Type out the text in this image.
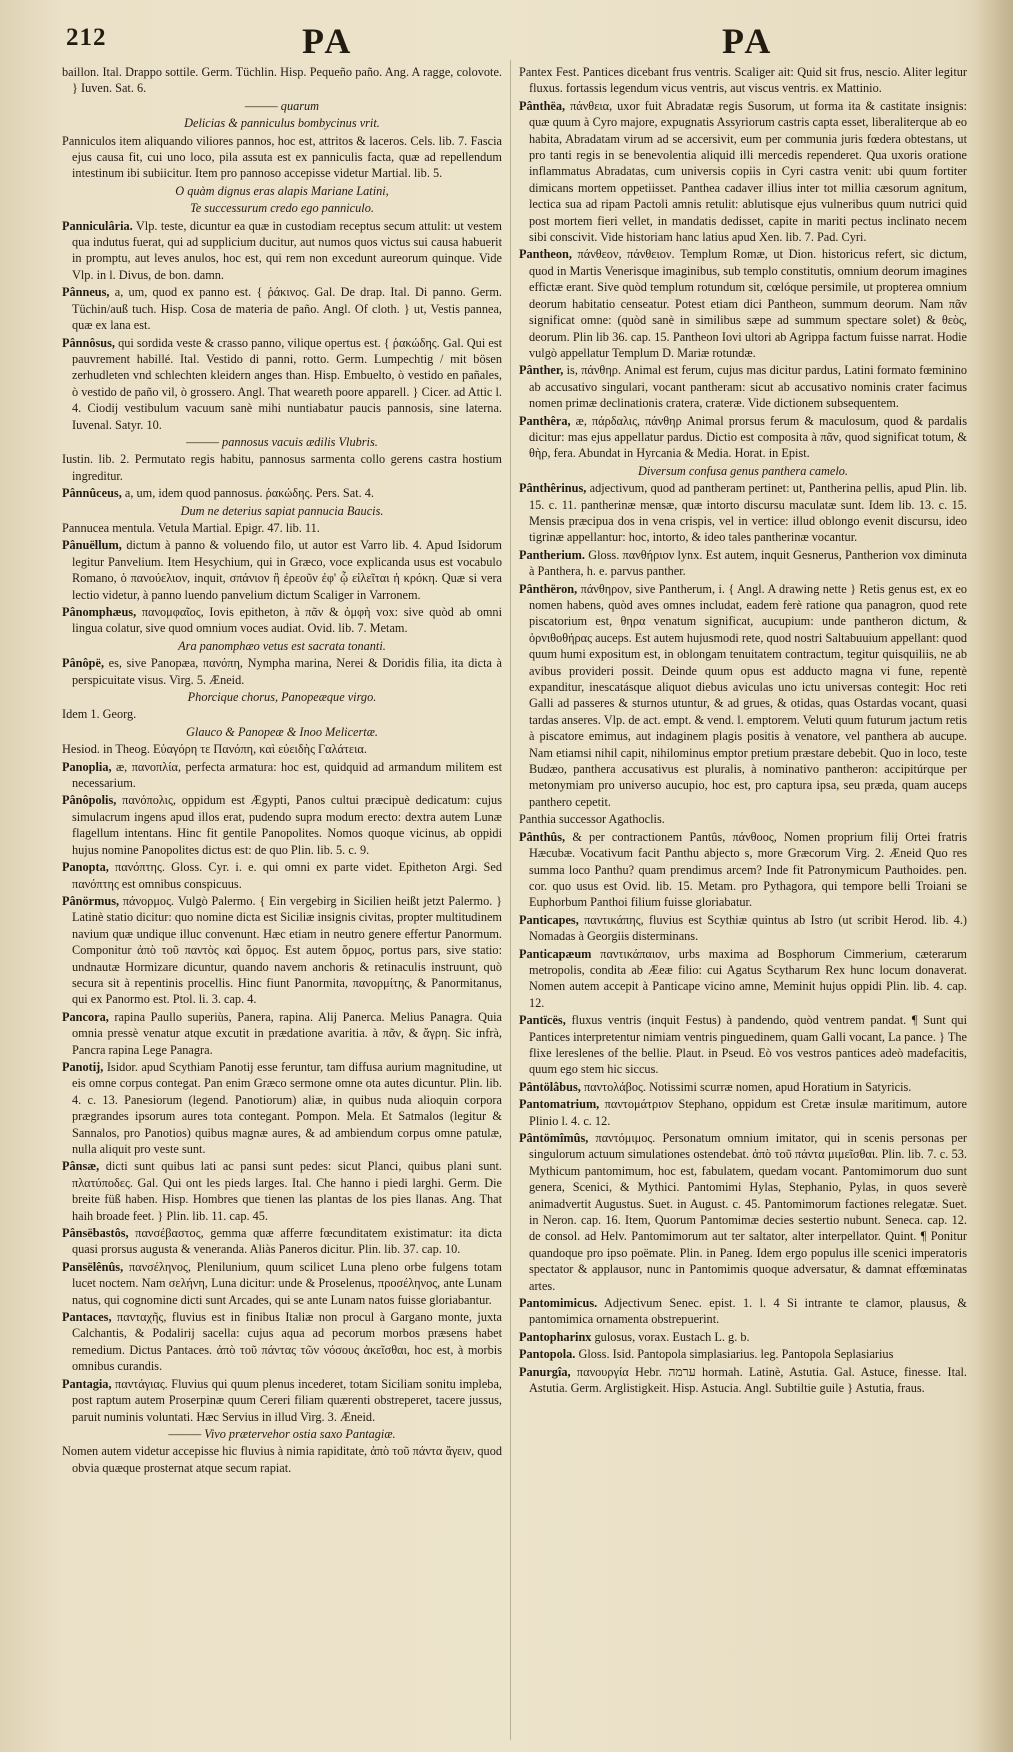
212	PA	PA

baillon. Ital. Drappo sottile. Germ. Tüchlin. Hisp. Pequeño paño. Ang. A ragge, colovote. } Iuven. Sat. 6.

——— quarum
Delicias & panniculus bombycinus vrit.

Panniculos item aliquando viliores pannos, hoc est, attritos & laceros. Cels. lib. 7. Fascia ejus causa fit, cui uno loco, pila assuta est ex panniculis facta, quæ ad repellendum intestinum ibi subiicitur. Item pro pannoso accepisse videtur Martial. lib. 5.

O quàm dignus eras alapis Mariane Latini,
Te successurum credo ego panniculo.

Panniculâria. Vlp. teste, dicuntur ea quæ in custodiam receptus secum attulit: ut vestem qua indutus fuerat, qui ad supplicium ducitur, aut numos quos victus sui causa habuerit in promptu, aut leves anulos, hoc est, qui rem non excedunt aureorum quinque. Vide Vlp. in l. Divus, de bon. damn.

Pânneus, a, um, quod ex panno est. { ῥάκινος. Gal. De drap. Ital. Di panno. Germ. Tüchin/auß tuch. Hisp. Cosa de materia de paño. Angl. Of cloth. } ut, Vestis pannea, quæ ex lana est.

Pânnôsus, qui sordida veste & crasso panno, vilique opertus est. { ῥακώδης. Gal. Qui est pauvrement habillé. Ital. Vestido di panni, rotto. Germ. Lumpechtig / mit bösen zerhudleten vnd schlechten kleidern anges than. Hisp. Embuelto, ò vestido en pañales, ò vestido de paño vil, ò grossero. Angl. That weareth poore apparell. } Cicer. ad Attic l. 4. Ciodij vestibulum vacuum sanè mihi nuntiabatur paucis pannosis, sine laterna. Iuvenal. Satyr. 10.

——— pannosus vacuis ædilis Vlubris.

Iustin. lib. 2. Permutato regis habitu, pannosus sarmenta collo gerens castra hostium ingreditur.

Pânnûceus, a, um, idem quod pannosus. ῥακώδης. Pers. Sat. 4.

Dum ne deterius sapiat pannucia Baucis.

Pannucea mentula. Vetula Martial. Epigr. 47. lib. 11.

Pânuëllum, dictum à panno & voluendo filo, ut autor est Varro lib. 4. Apud Isidorum legitur Panvelium. Item Hesychium, qui in Græco, voce explicanda usus est vocabulo Romano, ὁ πανούελιον, inquit, σπάνιον ἢ ἐρεοῦν ἐφ' ᾧ εἰλεῖται ἡ κρόκη. Quæ si vera lectio videtur, à panno luendo panvelium dictum Scaliger in Varronem.

Pânomphæus, πανομφαῖος, Iovis epitheton, à πᾶν & ὀμφὴ vox: sive quòd ab omni lingua colatur, sive quod omnium voces audiat. Ovid. lib. 7. Metam.

Ara panomphæo vetus est sacrata tonanti.

Pânôpë, es, sive Panopæa, πανόπη, Nympha marina, Nerei & Doridis filia, ita dicta à perspicuitate visus. Virg. 5. Æneid.

Phorcique chorus, Panopeæque virgo.

Idem 1. Georg.

Glauco & Panopeæ & Inoo Melicertæ.

Hesiod. in Theog. Εὐαγόρη τε Πανόπη, καὶ εὐειδὴς Γαλάτεια.

Panoplia, æ, πανοπλία, perfecta armatura: hoc est, quidquid ad armandum militem est necessarium.

Pânôpolis, πανόπολις, oppidum est Ægypti, Panos cultui præcipuè dedicatum: cujus simulacrum ingens apud illos erat, pudendo supra modum erecto: dextra autem Lunæ flagellum intentans. Hinc fit gentile Panopolites. Nomos quoque vicinus, ab oppidi hujus nomine Panopolites dictus est: de quo Plin. lib. 5. c. 9.

Panopta, πανόπτης. Gloss. Cyr. i. e. qui omni ex parte videt. Epitheton Argi. Sed πανόπτης est omnibus conspicuus.

Pânörmus, πάνορμος. Vulgò Palermo. { Ein vergebirg in Sicilien heißt jetzt Palermo. } Latinè statio dicitur: quo nomine dicta est Siciliæ insignis civitas, propter multitudinem navium quæ undique illuc convenunt. Hæc etiam in neutro genere effertur Panormum. Componitur ἀπὸ τοῦ παντὸς καὶ ὅρμος. Est autem ὅρμος, portus pars, sive statio: undnautæ Hormizare dicuntur, quando navem anchoris & retinaculis instruunt, quò secura sit à repentinis procellis. Hinc fiunt Panormita, πανορμίτης, & Panormitanus, qui ex Panormo est. Ptol. li. 3. cap. 4.

Pancora, rapina Paullo superiùs, Panera, rapina. Alij Panerca. Melius Panagra. Quia omnia pressè venatur atque excutit in prædatione avaritia. à πᾶν, & ἄγρη. Sic infrà, Pancra rapina Lege Panagra.

Panotij, Isidor. apud Scythiam Panotij esse feruntur, tam diffusa aurium magnitudine, ut eis omne corpus contegat. Pan enim Græco sermone omne ota autes dicuntur. Plin. lib. 4. c. 13. Panesiorum (legend. Panotiorum) aliæ, in quibus nuda alioquin corpora prægrandes ipsorum aures tota contegant. Pompon. Mela. Et Satmalos (legitur & Sannalos, pro Panotios) quibus magnæ aures, & ad ambiendum corpus omne patulæ, nulla aliquit pro veste sunt.

Pânsæ, dicti sunt quibus lati ac pansi sunt pedes: sicut Planci, quibus plani sunt. πλατύποδες. Gal. Qui ont les pieds larges. Ital. Che hanno i piedi larghi. Germ. Die breite füß haben. Hisp. Hombres que tienen las plantas de los pies llanas. Ang. That haih broade feet. } Plin. lib. 11. cap. 45.

Pânsëbastôs, πανσέβαστος, gemma quæ afferre fœcunditatem existimatur: ita dicta quasi prorsus augusta & veneranda. Aliàs Paneros dicitur. Plin. lib. 37. cap. 10.

Pansëlênûs, πανσέληνος, Plenilunium, quum scilicet Luna pleno orbe fulgens totam lucet noctem. Nam σελήνη, Luna dicitur: unde & Proselenus, προσέληνος, ante Lunam natus, qui cognomine dicti sunt Arcades, qui se ante Lunam natos fuisse gloriabantur.

Pantaces, πανταχῆς, fluvius est in finibus Italiæ non procul à Gargano monte, juxta Calchantis, & Podalirij sacella: cujus aqua ad pecorum morbos præsens habet remedium. Dictus Pantaces. ἀπὸ τοῦ πάντας τῶν νόσους ἀκεῖσθαι, hoc est, à morbis omnibus curandis.

Pantagia, παντάγιας. Fluvius qui quum plenus incederet, totam Siciliam sonitu impleba, post raptum autem Proserpinæ quum Cereri filiam quærenti obstreperet, tacere jussus, paruit numinis voluntati. Hæc Servius in illud Virg. 3. Æneid.

——— Vivo prætervehor ostia saxo Pantagiæ.

Nomen autem videtur accepisse hic fluvius à nimia rapiditate, ἀπὸ τοῦ πάντα ἄγειν, quod obvia quæque prosternat atque secum rapiat.

Pantex Fest. Pantices dicebant frus ventris. Scaliger ait: Quid sit frus, nescio. Aliter legitur fluxus. fortassis legendum vicus ventris, aut viscus ventris. ex Mattinio.

Pânthëa, πάνθεια, uxor fuit Abradatæ regis Susorum, ut forma ita & castitate insignis: quæ quum à Cyro majore, expugnatis Assyriorum castris capta esset, liberaliterque ab eo habita, Abradatam virum ad se accersivit, eum per communia juris fœdera obtestans, ut pro tanti regis in se benevolentia aliquid illi mercedis rependeret. Qua uxoris oratione inflammatus Abradatas, cum universis copiis in Cyri castra venit: ubi quum fortiter dimicans mortem oppetiisset. Panthea cadaver illius inter tot millia cæsorum agnitum, lectica sua ad ripam Pactoli amnis retulit: ablutisque ejus vulneribus quum nutrici quid post mortem fieri vellet, in mandatis dedisset, capite in mariti pectus inclinato necem sibi conscivit. Vide historiam hanc latius apud Xen. lib. 7. Pad. Cyri.

Pantheon, πάνθεον, πάνθειον. Templum Romæ, ut Dion. historicus refert, sic dictum, quod in Martis Venerisque imaginibus, sub templo constitutis, omnium deorum imagines effictæ erant. Sive quòd templum rotundum sit, cœlóque persimile, ut propterea omnium deorum habitatio censeatur. Potest etiam dici Pantheon, summum deorum. Nam πᾶν significat omne: (quòd sanè in similibus sæpe ad summum spectare solet) & θεὸς, deorum. Plin lib 36. cap. 15. Pantheon Iovi ultori ab Agrippa factum fuisse narrat. Hodie vulgò appellatur Templum D. Mariæ rotundæ.

Pânther, is, πάνθηρ. Animal est ferum, cujus mas dicitur pardus, Latini formato fœminino ab accusativo singulari, vocant pantheram: sicut ab accusativo nominis crater facimus nomen primæ declinationis cratera, crateræ. Vide dictionem subsequentem.

Panthêra, æ, πάρδαλις, πάνθηρ Animal prorsus ferum & maculosum, quod & pardalis dicitur: mas ejus appellatur pardus. Dictio est composita à πᾶν, quod significat totum, & θὴρ, fera. Abundat in Hyrcania & Media. Horat. in Epist.

Diversum confusa genus panthera camelo.

Pânthêrinus, adjectivum, quod ad pantheram pertinet: ut, Pantherina pellis, apud Plin. lib. 15. c. 11. pantherinæ mensæ, quæ intorto discursu maculatæ sunt. Idem lib. 13. c. 15. Mensis præcipua dos in vena crispis, vel in vertice: illud oblongo evenit discursu, ideo tigrinæ appellantur: hoc, intorto, & ideo tales pantherinæ vocantur.

Pantherium. Gloss. πανθήριον lynx. Est autem, inquit Gesnerus, Pantherion vox diminuta à Panthera, h. e. parvus panther.

Pânthëron, πάνθηρον, sive Pantherum, i. { Angl. A drawing nette } Retis genus est, ex eo nomen habens, quòd aves omnes includat, eadem ferè ratione qua panagron, quod rete piscatorium est, θηρα venatum significat, aucupium: unde pantheron dictum, & ὀρνιθοθήρας auceps. Est autem hujusmodi rete, quod nostri Saltabuuium appellant: quod quum humi expositum est, in oblongam tenuitatem contractum, tegitur quisquiliis, ne ab avibus provideri possit. Deinde quum opus est adducto magna vi fune, repentè expanditur, inescatásque aliquot diebus aviculas uno ictu universas contegit: Hoc reti Galli ad passeres & sturnos utuntur, & ad grues, & otidas, quas Ostardas vocant, quasi tardas anseres. Vlp. de act. empt. & vend. l. emptorem. Veluti quum futurum jactum retis à piscatore emimus, aut indaginem plagis positis à venatore, vel panthera ab aucupe. Nam etiamsi nihil capit, nihilominus emptor pretium præstare debebit. Quo in loco, teste Budæo, panthera accusativus est pluralis, à nominativo pantheron: accipitúrque per metonymiam pro universo aucupio, hoc est, pro captura ipsa, seu præda, quam auceps panthero cepetit.

Panthia successor Agathoclis.

Pânthûs, & per contractionem Pantûs, πάνθοος, Nomen proprium filij Ortei fratris Hæcubæ. Vocativum facit Panthu abjecto s, more Græcorum Virg. 2. Æneid Quo res summa loco Panthu? quam prendimus arcem? Inde fit Patronymicum Pauthoides. pen. cor. quo usus est Ovid. lib. 15. Metam. pro Pythagora, qui tempore belli Troiani se Euphorbum Panthoi filium fuisse gloriabatur.

Panticapes, παντικάπης, fluvius est Scythiæ quintus ab Istro (ut scribit Herod. lib. 4.) Nomadas à Georgiis disterminans.

Panticapæum παντικάπαιον, urbs maxima ad Bosphorum Cimmerium, cæterarum metropolis, condita ab Æeæ filio: cui Agatus Scytharum Rex hunc locum donaverat. Nomen autem accepit à Panticape vicino amne, Meminit hujus oppidi Plin. lib. 4. cap. 12.

Pantïcës, fluxus ventris (inquit Festus) à pandendo, quòd ventrem pandat. ¶ Sunt qui Pantices interpretentur nimiam ventris pinguedinem, quam Galli vocant, La pance. } The flixe lereslenes of the bellie. Plaut. in Pseud. Eò vos vestros pantices adeò madefacitis, quum ego stem hic siccus.

Pântölâbus, παντολάβος. Notissimi scurræ nomen, apud Horatium in Satyricis.

Pantomatrium, παντομάτριον Stephano, oppidum est Cretæ insulæ maritimum, autore Plinio l. 4. c. 12.

Pântömîmûs, παντόμιμος. Personatum omnium imitator, qui in scenis personas per singulorum actuum simulationes ostendebat. ἀπὸ τοῦ πάντα μιμεῖσθαι. Plin. lib. 7. c. 53. Mythicum pantomimum, hoc est, fabulatem, quedam vocant. Pantomimorum duo sunt genera, Scenici, & Mythici. Pantomimi Hylas, Stephanio, Pylas, in quos severè animadvertit Augustus. Suet. in August. c. 45. Pantomimorum factiones relegatæ. Suet. in Neron. cap. 16. Item, Quorum Pantomimæ decies sestertio nubunt. Seneca. cap. 12. de consol. ad Helv. Pantomimorum aut ter saltator, alter interpellator. Quint. ¶ Ponitur quandoque pro ipso poëmate. Plin. in Paneg. Idem ergo populus ille scenici imperatoris spectator & applausor, nunc in Pantomimis quoque adversatur, & damnat effœminatas artes.

Pantomimicus. Adjectivum Senec. epist. 1. l. 4 Si intrante te clamor, plausus, & pantomimica ornamenta obstrepuerint.

Pantopharinx gulosus, vorax. Eustach L. g. b.

Pantopola. Gloss. Isid. Pantopola simplasiarius. leg. Pantopola Seplasiarius

Panurgîa, πανουργία Hebr. ערמה hormah. Latinè, Astutia. Gal. Astuce, finesse. Ital. Astutia. Germ. Arglistigkeit. Hisp. Astucia. Angl. Subtiltie guile } Astutia, fraus.
